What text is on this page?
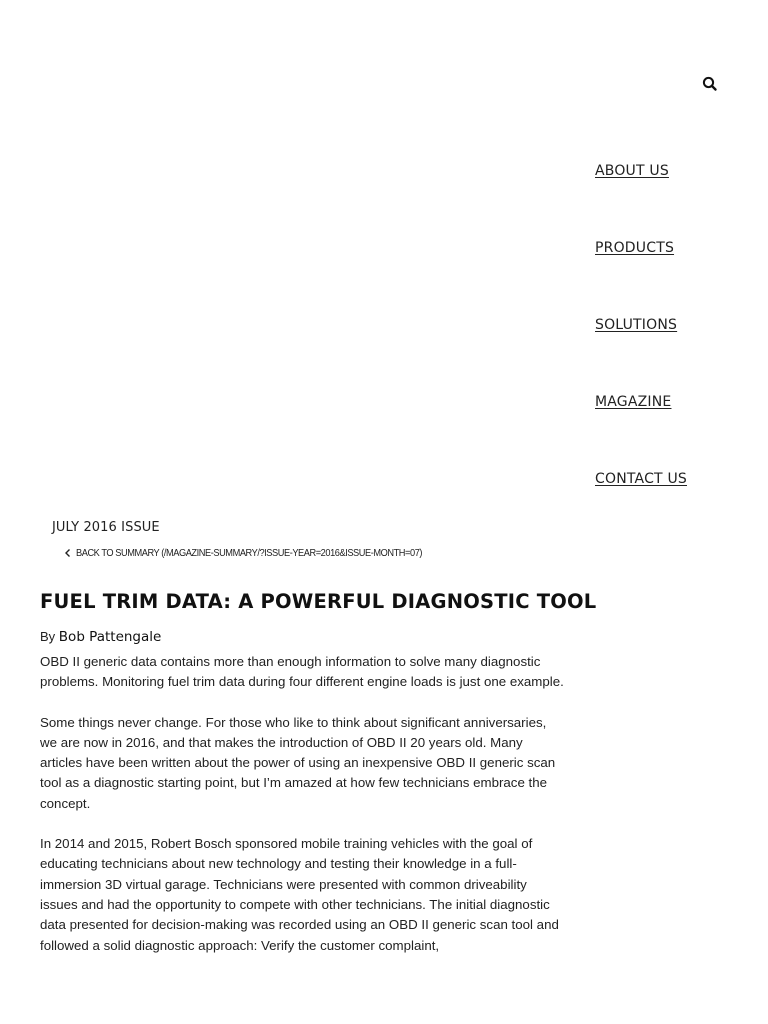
ABOUT US
PRODUCTS
SOLUTIONS
MAGAZINE
CONTACT US
JULY 2016 ISSUE
BACK TO SUMMARY (/MAGAZINE-SUMMARY/?ISSUE-YEAR=2016&ISSUE-MONTH=07)
FUEL TRIM DATA: A POWERFUL DIAGNOSTIC TOOL
By Bob Pattengale

OBD II generic data contains more than enough information to solve many diagnostic problems. Monitoring fuel trim data during four different engine loads is just one example.

Some things never change. For those who like to think about significant anniversaries, we are now in 2016, and that makes the introduction of OBD II 20 years old. Many articles have been written about the power of using an inexpensive OBD II generic scan tool as a diagnostic starting point, but I’m amazed at how few technicians embrace the concept.

In 2014 and 2015, Robert Bosch sponsored mobile training vehicles with the goal of educating technicians about new technology and testing their knowledge in a full-immersion 3D virtual garage. Technicians were presented with common driveability issues and had the opportunity to compete with other technicians. The initial diagnostic data presented for decision-making was recorded using an OBD II generic scan tool and followed a solid diagnostic approach: Verify the customer complaint,
